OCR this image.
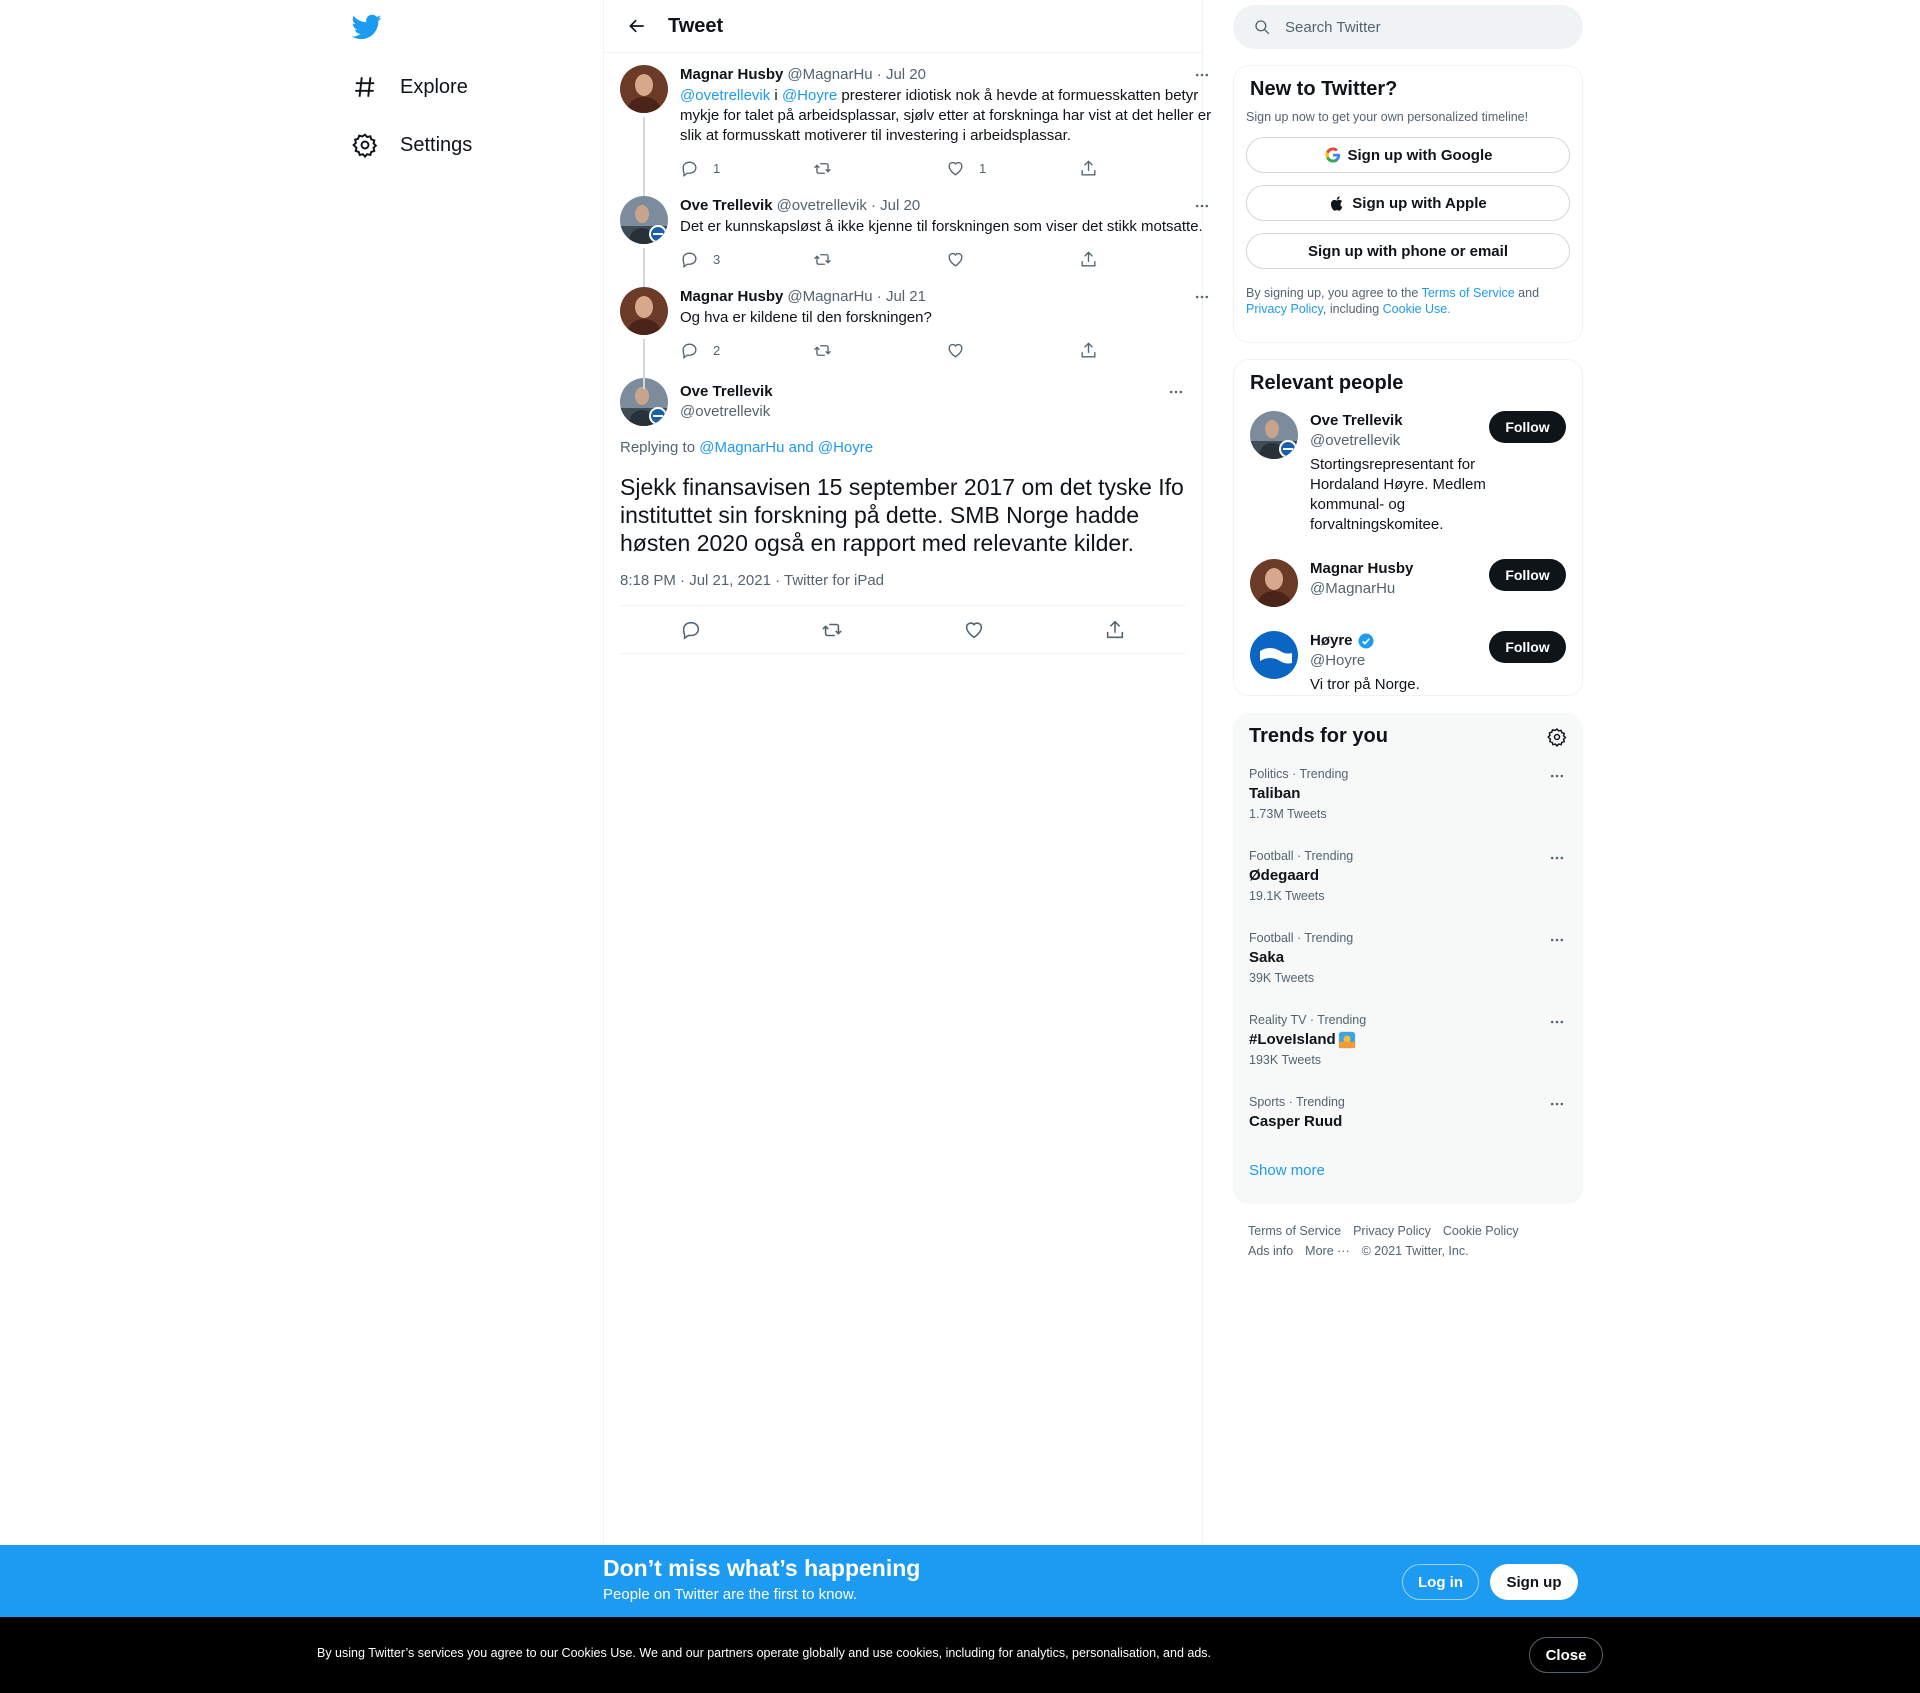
Explore
Settings
Tweet
Magnar Husby @MagnarHu · Jul 20
@ovetrellevik i @Hoyre presterer idiotisk nok å hevde at formuesskatten betyr mykje for talet på arbeidsplassar, sjølv etter at forskninga har vist at det heller er slik at formusskatt motiverer til investering i arbeidsplassar.
1	1
Ove Trellevik @ovetrellevik · Jul 20
Det er kunnskapsløst å ikke kjenne til forskningen som viser det stikk motsatte.
3
Magnar Husby @MagnarHu · Jul 21
Og hva er kildene til den forskningen?
2
Ove Trellevik
@ovetrellevik
Replying to @MagnarHu and @Hoyre
Sjekk finansavisen 15 september 2017 om det tyske Ifo instituttet sin forskning på dette. SMB Norge hadde høsten 2020 også en rapport med relevante kilder.
8:18 PM · Jul 21, 2021 · Twitter for iPad
Search Twitter
New to Twitter?
Sign up now to get your own personalized timeline!
Sign up with Google
Sign up with Apple
Sign up with phone or email
By signing up, you agree to the Terms of Service and Privacy Policy, including Cookie Use.
Relevant people
Ove Trellevik
@ovetrellevik
Stortingsrepresentant for Hordaland Høyre. Medlem kommunal- og forvaltningskomitee.
Follow
Magnar Husby
@MagnarHu
Follow
Høyre
@Hoyre
Vi tror på Norge.
Follow
Trends for you
Politics · Trending
Taliban
1.73M Tweets
Football · Trending
Ødegaard
19.1K Tweets
Football · Trending
Saka
39K Tweets
Reality TV · Trending
#LoveIsland
193K Tweets
Sports · Trending
Casper Ruud
Show more
Terms of Service Privacy Policy Cookie Policy
Ads info More ··· © 2021 Twitter, Inc.
Don’t miss what’s happening
People on Twitter are the first to know.
Log in	Sign up
By using Twitter’s services you agree to our Cookies Use. We and our partners operate globally and use cookies, including for analytics, personalisation, and ads.	Close
